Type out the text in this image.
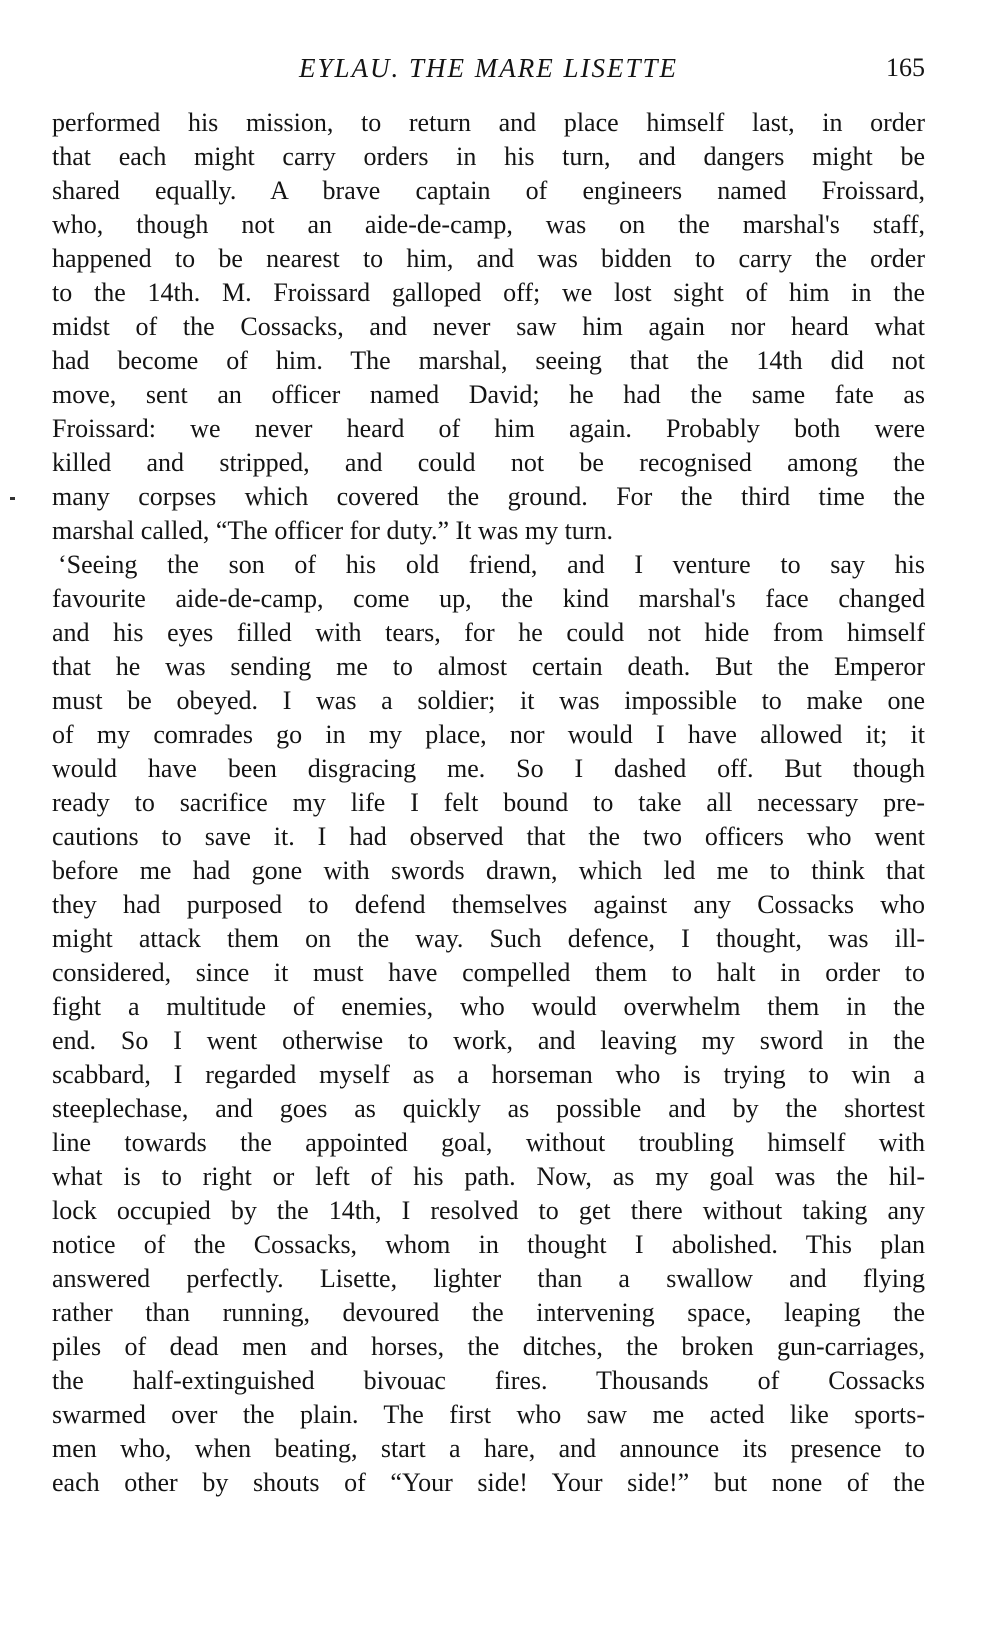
EYLAU. THE MARE LISETTE	165
performed his mission, to return and place himself last, in order
that each might carry orders in his turn, and dangers might be
shared equally. A brave captain of engineers named Froissard,
who, though not an aide-de-camp, was on the marshal's staff,
happened to be nearest to him, and was bidden to carry the order
to the 14th. M. Froissard galloped off; we lost sight of him in the
midst of the Cossacks, and never saw him again nor heard what
had become of him. The marshal, seeing that the 14th did not
move, sent an officer named David; he had the same fate as
Froissard: we never heard of him again. Probably both were
killed and stripped, and could not be recognised among the
many corpses which covered the ground. For the third time the
marshal called, “The officer for duty.” It was my turn.
‘Seeing the son of his old friend, and I venture to say his
favourite aide-de-camp, come up, the kind marshal's face changed
and his eyes filled with tears, for he could not hide from himself
that he was sending me to almost certain death. But the Emperor
must be obeyed. I was a soldier; it was impossible to make one
of my comrades go in my place, nor would I have allowed it; it
would have been disgracing me. So I dashed off. But though
ready to sacrifice my life I felt bound to take all necessary pre-
cautions to save it. I had observed that the two officers who went
before me had gone with swords drawn, which led me to think that
they had purposed to defend themselves against any Cossacks who
might attack them on the way. Such defence, I thought, was ill-
considered, since it must have compelled them to halt in order to
fight a multitude of enemies, who would overwhelm them in the
end. So I went otherwise to work, and leaving my sword in the
scabbard, I regarded myself as a horseman who is trying to win a
steeplechase, and goes as quickly as possible and by the shortest
line towards the appointed goal, without troubling himself with
what is to right or left of his path. Now, as my goal was the hil-
lock occupied by the 14th, I resolved to get there without taking any
notice of the Cossacks, whom in thought I abolished. This plan
answered perfectly. Lisette, lighter than a swallow and flying
rather than running, devoured the intervening space, leaping the
piles of dead men and horses, the ditches, the broken gun-carriages,
the half-extinguished bivouac fires. Thousands of Cossacks
swarmed over the plain. The first who saw me acted like sports-
men who, when beating, start a hare, and announce its presence to
each other by shouts of “Your side! Your side!” but none of the
